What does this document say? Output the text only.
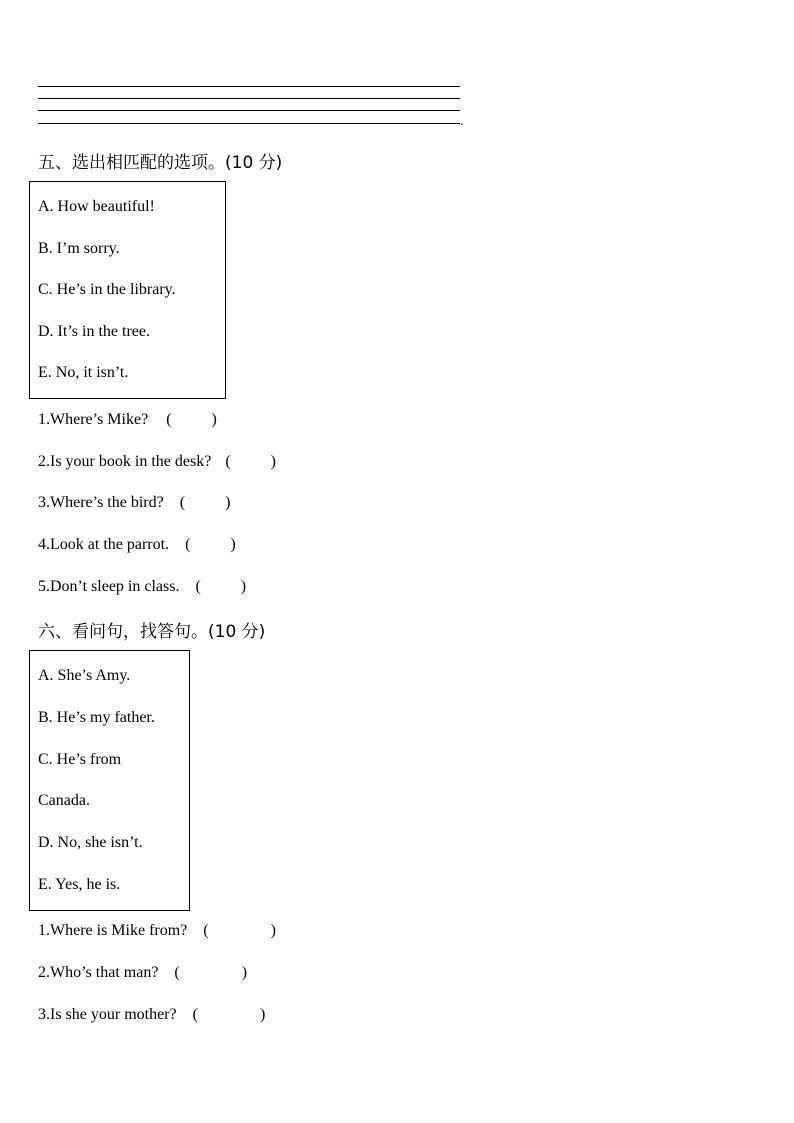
.
五、选出相匹配的选项。(10 分)
A. How beautiful!
B. I’m sorry.
C. He’s in the library.
D. It’s in the tree.
E. No, it isn’t.
1.Where’s Mike? (	)
2.Is your book in the desk? (	)
3.Where’s the bird? (	)
4.Look at the parrot. (	)
5.Don’t sleep in class. (	)
六、看问句，找答句。(10 分)
A. She’s Amy.
B. He’s my father.
C. He’s from
Canada.
D. No, she isn’t.
E. Yes, he is.
1.Where is Mike from? (	)
2.Who’s that man? (	)
3.Is she your mother? (	)
